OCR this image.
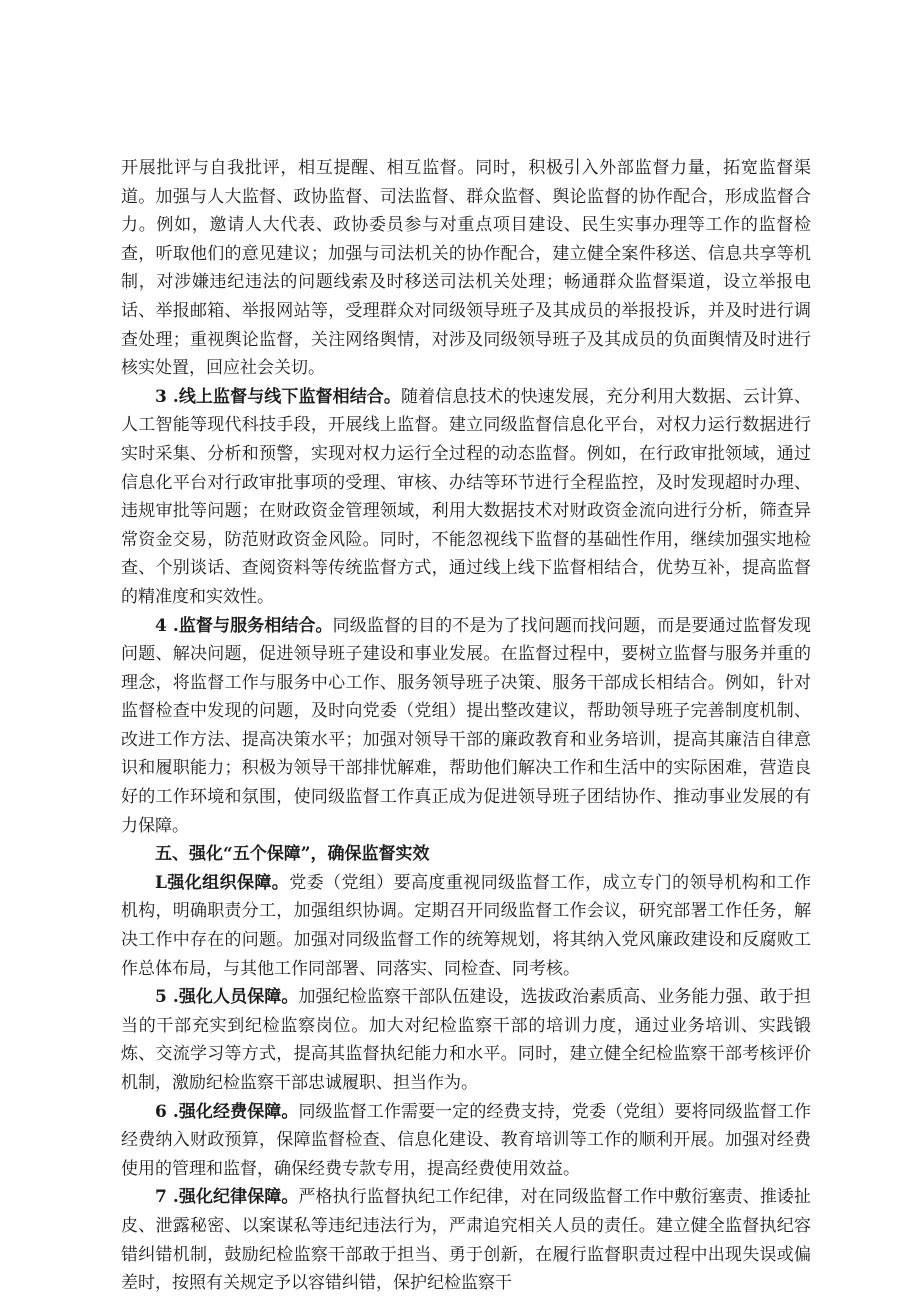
开展批评与自我批评，相互提醒、相互监督。同时，积极引入外部监督力量，拓宽监督渠道。加强与人大监督、政协监督、司法监督、群众监督、舆论监督的协作配合，形成监督合力。例如，邀请人大代表、政协委员参与对重点项目建设、民生实事办理等工作的监督检查，听取他们的意见建议；加强与司法机关的协作配合，建立健全案件移送、信息共享等机制，对涉嫌违纪违法的问题线索及时移送司法机关处理；畅通群众监督渠道，设立举报电话、举报邮箱、举报网站等，受理群众对同级领导班子及其成员的举报投诉，并及时进行调查处理；重视舆论监督，关注网络舆情，对涉及同级领导班子及其成员的负面舆情及时进行核实处置，回应社会关切。

3 .线上监督与线下监督相结合。随着信息技术的快速发展，充分利用大数据、云计算、人工智能等现代科技手段，开展线上监督。建立同级监督信息化平台，对权力运行数据进行实时采集、分析和预警，实现对权力运行全过程的动态监督。例如，在行政审批领域，通过信息化平台对行政审批事项的受理、审核、办结等环节进行全程监控，及时发现超时办理、违规审批等问题；在财政资金管理领域，利用大数据技术对财政资金流向进行分析，筛查异常资金交易，防范财政资金风险。同时，不能忽视线下监督的基础性作用，继续加强实地检查、个别谈话、查阅资料等传统监督方式，通过线上线下监督相结合，优势互补，提高监督的精准度和实效性。

4 .监督与服务相结合。同级监督的目的不是为了找问题而找问题，而是要通过监督发现问题、解决问题，促进领导班子建设和事业发展。在监督过程中，要树立监督与服务并重的理念，将监督工作与服务中心工作、服务领导班子决策、服务干部成长相结合。例如，针对监督检查中发现的问题，及时向党委（党组）提出整改建议，帮助领导班子完善制度机制、改进工作方法、提高决策水平；加强对领导干部的廉政教育和业务培训，提高其廉洁自律意识和履职能力；积极为领导干部排忧解难，帮助他们解决工作和生活中的实际困难，营造良好的工作环境和氛围，使同级监督工作真正成为促进领导班子团结协作、推动事业发展的有力保障。

五、强化“五个保障”，确保监督实效

L强化组织保障。党委（党组）要高度重视同级监督工作，成立专门的领导机构和工作机构，明确职责分工，加强组织协调。定期召开同级监督工作会议，研究部署工作任务，解决工作中存在的问题。加强对同级监督工作的统筹规划，将其纳入党风廉政建设和反腐败工作总体布局，与其他工作同部署、同落实、同检查、同考核。

5 .强化人员保障。加强纪检监察干部队伍建设，选拔政治素质高、业务能力强、敢于担当的干部充实到纪检监察岗位。加大对纪检监察干部的培训力度，通过业务培训、实践锻炼、交流学习等方式，提高其监督执纪能力和水平。同时，建立健全纪检监察干部考核评价机制，激励纪检监察干部忠诚履职、担当作为。

6 .强化经费保障。同级监督工作需要一定的经费支持，党委（党组）要将同级监督工作经费纳入财政预算，保障监督检查、信息化建设、教育培训等工作的顺利开展。加强对经费使用的管理和监督，确保经费专款专用，提高经费使用效益。

7 .强化纪律保障。严格执行监督执纪工作纪律，对在同级监督工作中敷衍塞责、推诿扯皮、泄露秘密、以案谋私等违纪违法行为，严肃追究相关人员的责任。建立健全监督执纪容错纠错机制，鼓励纪检监察干部敢于担当、勇于创新，在履行监督职责过程中出现失误或偏差时，按照有关规定予以容错纠错，保护纪检监察干
